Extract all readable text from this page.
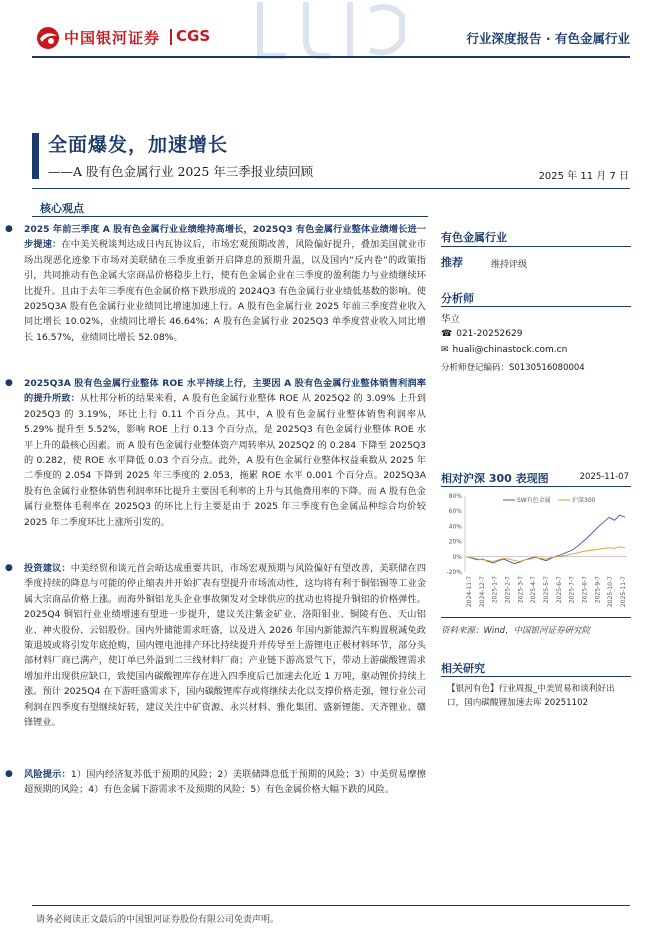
中国银河证券 CGS	行业深度报告 · 有色金属行业
全面爆发，加速增长
——A 股有色金属行业 2025 年三季报业绩回顾	2025 年 11 月 7 日
核心观点
● 2025 年前三季度 A 股有色金属行业业绩维持高增长，2025Q3 有色金属行业整体业绩增长进一步提速：在中美关税谈判达成日内瓦协议后，市场宏观预期改善，风险偏好提升，叠加美国就业市场出现恶化迹象下市场对美联储在三季度重新开启降息的预期升温，以及国内“反内卷”的政策指引，共同推动有色金属大宗商品价格稳步上行，使有色金属企业在三季度的盈利能力与业绩继续环比提升。且由于去年三季度有色金属价格下跌形成的 2024Q3 有色金属行业业绩低基数的影响。使 2025Q3A 股有色金属行业业绩同比增速加速上行。A 股有色金属行业 2025 年前三季度营业收入同比增长 10.02%，业绩同比增长 46.64%；A 股有色金属行业 2025Q3 单季度营业收入同比增长 16.57%，业绩同比增长 52.08%。
● 2025Q3A 股有色金属行业整体 ROE 水平持续上行，主要因 A 股有色金属行业整体销售利润率的提升所致：从杜邦分析的结果来看，A 股有色金属行业整体 ROE 从 2025Q2 的 3.09% 上升到 2025Q3 的 3.19%，环比上行 0.11 个百分点。其中，A 股有色金属行业整体销售利润率从 5.29% 提升至 5.52%，影响 ROE 上行 0.13 个百分点，是 2025Q3 有色金属行业整体 ROE 水平上升的最核心因素。而 A 股有色金属行业整体资产周转率从 2025Q2 的 0.284 下降至 2025Q3 的 0.282，使 ROE 水平降低 0.03 个百分点。此外，A 股有色金属行业整体权益乘数从 2025 年二季度的 2.054 下降到 2025 年三季度的 2.053，拖累 ROE 水平 0.001 个百分点。2025Q3A 股有色金属行业整体销售利润率环比提升主要因毛利率的上升与其他费用率的下降。而 A 股有色金属行业整体毛利率在 2025Q3 的环比上行主要是由于 2025 年三季度有色金属品种综合均价较 2025 年二季度环比上涨所引发的。
● 投资建议：中美经贸和谈元首会晤达成重要共识，市场宏观预期与风险偏好有望改善，美联储在四季度持续的降息与可能的停止缩表并开始扩表有望提升市场流动性，这均将有利于铜铝锡等工业金属大宗商品价格上涨。而海外铜铝龙头企业事故频发对全球供应的扰动也将提升铜铝的价格弹性。2025Q4 铜铝行业业绩增速有望进一步提升，建议关注紫金矿业、洛阳钼业、铜陵有色、天山铝业、神火股份、云铝股份。国内外储能需求旺盛，以及进入 2026 年国内新能源汽车购置税减免政策退坡或将引发年底抢购，国内锂电池排产环比持续提升并传导至上游锂电正极材料环节，部分头部材料厂商已满产，使订单已外溢到二三线材料厂商；产业链下游高景气下，带动上游碳酸锂需求增加并出现供应缺口，致使国内碳酸锂库存在进入四季度后已加速去化近 1 万吨，驱动锂价持续上涨。预计 2025Q4 在下游旺盛需求下，国内碳酸锂库存或将继续去化以支撑价格走强，锂行业公司利润在四季度有望继续好转，建议关注中矿资源、永兴材料、雅化集团、盛新锂能、天齐锂业、赣锋锂业。
● 风险提示：1）国内经济复苏低于预期的风险；2）美联储降息低于预期的风险；3）中美贸易摩擦超预期的风险；4）有色金属下游需求不及预期的风险；5）有色金属价格大幅下跌的风险。
有色金属行业
推荐	维持评级
分析师
华立
☎ 021-20252629
✉ huali@chinastock.com.cn
分析师登记编码：S0130516080004
相对沪深 300 表现图	2025-11-07
80%
60%
40%
20%
0%
-20%
2024-11-7 2024-12-7 2025-1-7 2025-2-7 2025-3-7 2025-4-7 2025-5-7 2025-6-7 2025-7-7 2025-8-7 2025-9-7 2025-10-7 2025-11-7
SW有色金属	沪深300
资料来源：Wind，中国银河证券研究院
相关研究
【银河有色】行业周报_中美贸易和谈利好出口，国内碳酸锂加速去库 20251102
请务必阅读正文最后的中国银河证券股份有限公司免责声明。
